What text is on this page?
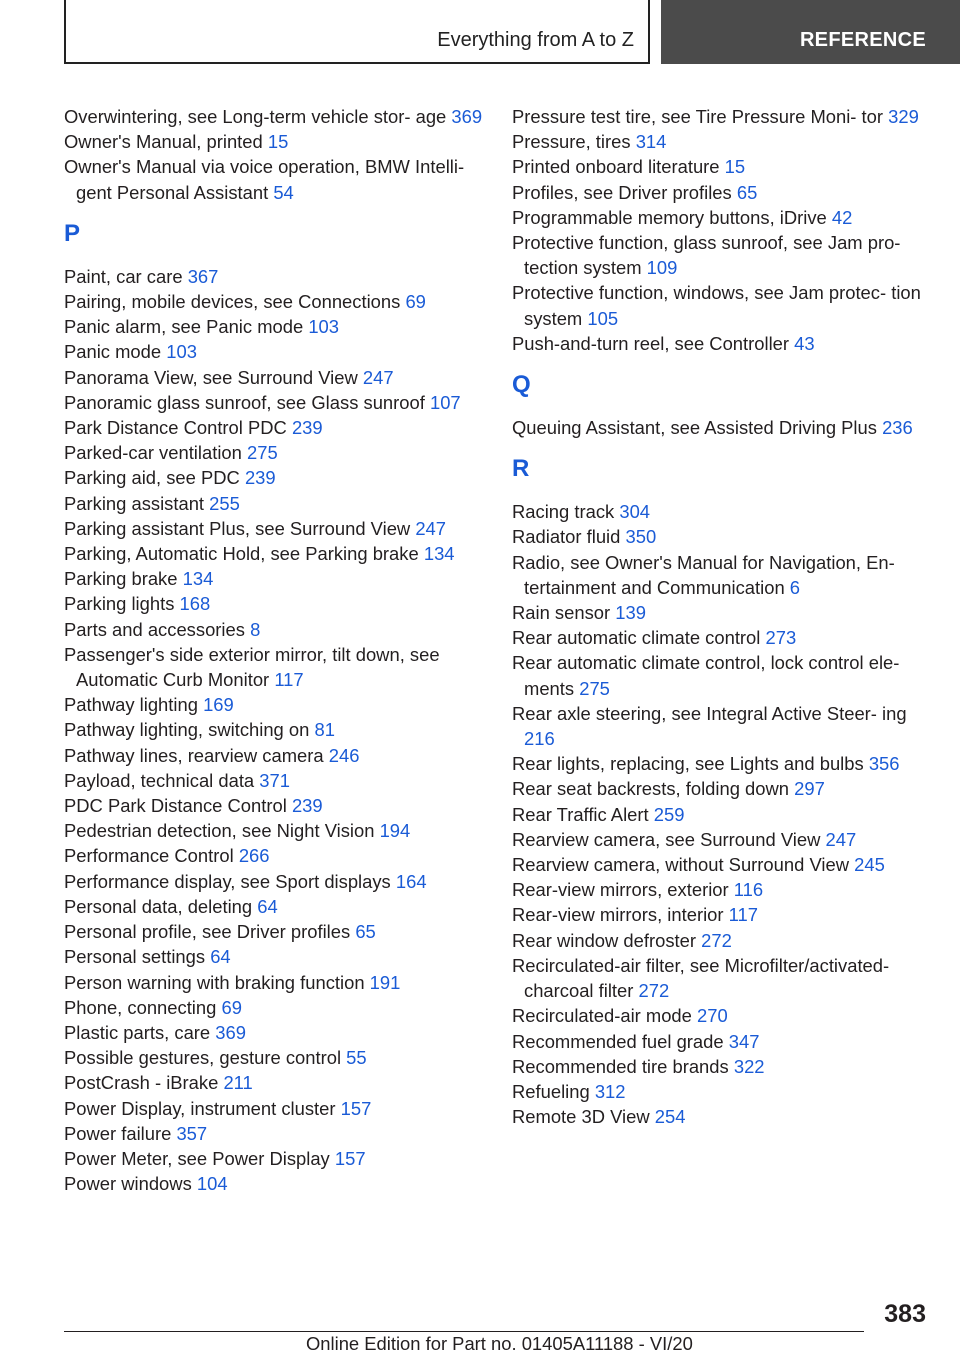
Everything from A to Z	REFERENCE

Overwintering, see Long-term vehicle stor‐ age 369

Owner's Manual, printed 15

Owner's Manual via voice operation, BMW Intelli‐ gent Personal Assistant 54

P

Paint, car care 367

Pairing, mobile devices, see Connections 69

Panic alarm, see Panic mode 103

Panic mode 103

Panorama View, see Surround View 247

Panoramic glass sunroof, see Glass sunroof 107

Park Distance Control PDC 239

Parked-car ventilation 275

Parking aid, see PDC 239

Parking assistant 255

Parking assistant Plus, see Surround View 247

Parking, Automatic Hold, see Parking brake 134

Parking brake 134

Parking lights 168

Parts and accessories 8

Passenger's side exterior mirror, tilt down, see Automatic Curb Monitor 117

Pathway lighting 169

Pathway lighting, switching on 81

Pathway lines, rearview camera 246

Payload, technical data 371

PDC Park Distance Control 239

Pedestrian detection, see Night Vision 194

Performance Control 266

Performance display, see Sport displays 164

Personal data, deleting 64

Personal profile, see Driver profiles 65

Personal settings 64

Person warning with braking function 191

Phone, connecting 69

Plastic parts, care 369

Possible gestures, gesture control 55

PostCrash - iBrake 211

Power Display, instrument cluster 157

Power failure 357

Power Meter, see Power Display 157

Power windows 104

Pressure test tire, see Tire Pressure Moni‐ tor 329

Pressure, tires 314

Printed onboard literature 15

Profiles, see Driver profiles 65

Programmable memory buttons, iDrive 42

Protective function, glass sunroof, see Jam pro‐ tection system 109

Protective function, windows, see Jam protec‐ tion system 105

Push-and-turn reel, see Controller 43

Q

Queuing Assistant, see Assisted Driving Plus 236

R

Racing track 304

Radiator fluid 350

Radio, see Owner's Manual for Navigation, En‐ tertainment and Communication 6

Rain sensor 139

Rear automatic climate control 273

Rear automatic climate control, lock control ele‐ ments 275

Rear axle steering, see Integral Active Steer‐ ing 216

Rear lights, replacing, see Lights and bulbs 356

Rear seat backrests, folding down 297

Rear Traffic Alert 259

Rearview camera, see Surround View 247

Rearview camera, without Surround View 245

Rear-view mirrors, exterior 116

Rear-view mirrors, interior 117

Rear window defroster 272

Recirculated-air filter, see Microfilter/activated- charcoal filter 272

Recirculated-air mode 270

Recommended fuel grade 347

Recommended tire brands 322

Refueling 312

Remote 3D View 254

383
Online Edition for Part no. 01405A11188 - VI/20
